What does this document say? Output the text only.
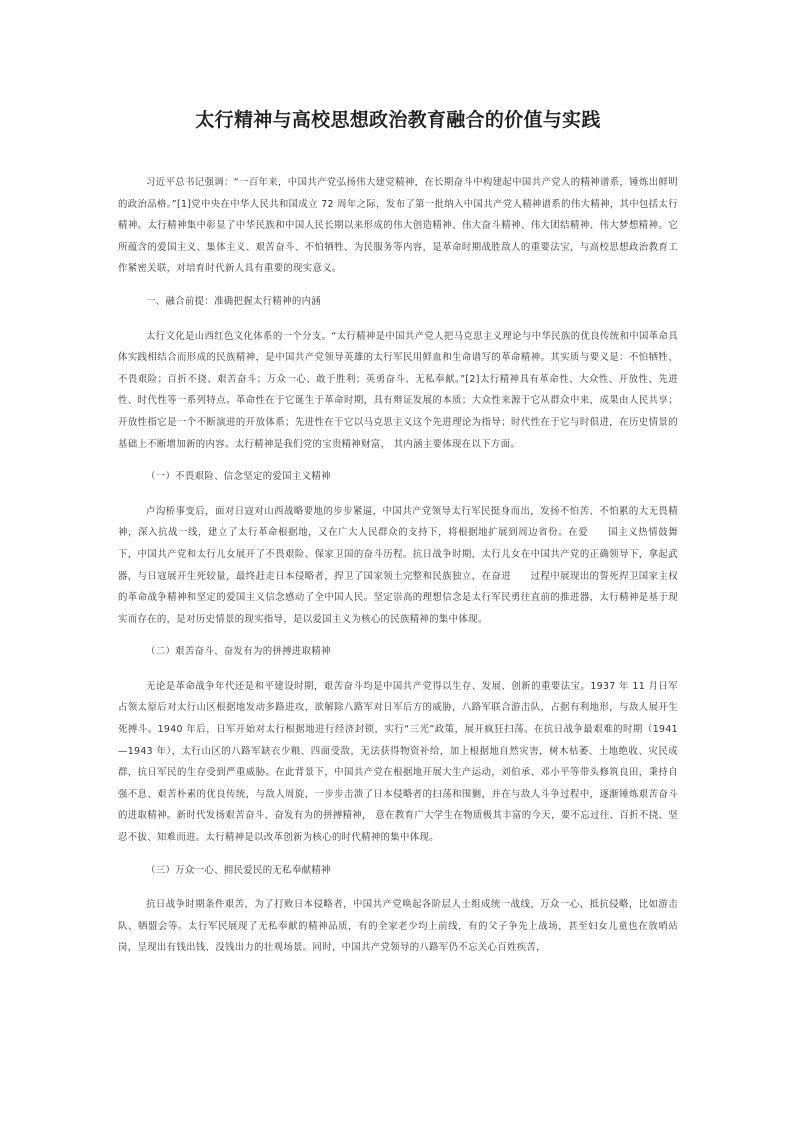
太行精神与高校思想政治教育融合的价值与实践

习近平总书记强调：“一百年来，中国共产党弘扬伟大建党精神，在长期奋斗中构建起中国共产党人的精神谱系，锤炼出鲜明的政治品格。”[1]党中央在中华人民共和国成立 72 周年之际，发布了第一批纳入中国共产党人精神谱系的伟大精神，其中包括太行精神。太行精神集中彰显了中华民族和中国人民长期以来形成的伟大创造精神、伟大奋斗精神、伟大团结精神、伟大梦想精神。它所蕴含的爱国主义、集体主义、艰苦奋斗、不怕牺牲、为民服务等内容，是革命时期战胜敌人的重要法宝，与高校思想政治教育工作紧密关联，对培育时代新人具有重要的现实意义。

一、融合前提：准确把握太行精神的内涵

太行文化是山西红色文化体系的一个分支。“太行精神是中国共产党人把马克思主义理论与中华民族的优良传统和中国革命具体实践相结合而形成的民族精神，是中国共产党领导英雄的太行军民用鲜血和生命谱写的革命精神。其实质与要义是：不怕牺牲、不畏艰险；百折不挠、艰苦奋斗；万众一心、敢于胜利；英勇奋斗、无私奉献。”[2]太行精神具有革命性、大众性、开放性、先进性、时代性等一系列特点。革命性在于它诞生于革命时期，具有辩证发展的本质；大众性来源于它从群众中来，成果由人民共享；开放性指它是一个不断演进的开放体系；先进性在于它以马克思主义这个先进理论为指导；时代性在于它与时俱进，在历史情景的基础上不断增加新的内容。太行精神是我们党的宝贵精神财富， 其内涵主要体现在以下方面。

（一）不畏艰险、信念坚定的爱国主义精神

卢沟桥事变后，面对日寇对山西战略要地的步步紧逼，中国共产党领导太行军民挺身而出，发扬不怕苦、不怕累的大无畏精神，深入抗战一线，建立了太行革命根据地，又在广大人民群众的支持下，将根据地扩展到周边省份。在爱　　国主义热情鼓舞下，中国共产党和太行儿女展开了不畏艰险、保家卫国的奋斗历程。抗日战争时期，太行儿女在中国共产党的正确领导下，拿起武器，与日寇展开生死较量，最终赶走日本侵略者，捍卫了国家领土完整和民族独立，在奋进　　过程中展现出的誓死捍卫国家主权的革命战争精神和坚定的爱国主义信念感动了全中国人民。坚定崇高的理想信念是太行军民勇往直前的推进器，太行精神是基于现实而存在的，是对历史情景的现实指导，是以爱国主义为核心的民族精神的集中体现。

（二）艰苦奋斗、奋发有为的拼搏进取精神

无论是革命战争年代还是和平建设时期，艰苦奋斗均是中国共产党得以生存、发展、创新的重要法宝。1937 年 11 月日军占领太原后对太行山区根据地发动多路进攻，欲解除八路军对日军后方的威胁，八路军联合游击队，占据有利地形，与敌人展开生死搏斗。1940 年后，日军开始对太行根据地进行经济封锁，实行“三光”政策，展开疯狂扫荡。在抗日战争最艰难的时期（1941—1943 年），太行山区的八路军缺衣少粮、四面受敌，无法获得物资补给，加上根据地自然灾害，树木枯萎、土地绝收、灾民成群，抗日军民的生存受到严重威胁。在此背景下，中国共产党在根据地开展大生产运动，刘伯承、邓小平等带头修筑良田，秉持自强不息、艰苦朴素的优良传统，与敌人周旋，一步步击溃了日本侵略者的扫荡和围剿，并在与敌人斗争过程中，逐渐锤炼艰苦奋斗的进取精神。新时代发扬艰苦奋斗、奋发有为的拼搏精神， 意在教育广大学生在物质极其丰富的今天，要不忘过往、百折不挠、坚忍不拔、知难而进。太行精神是以改革创新为核心的时代精神的集中体现。

（三）万众一心、拥民爱民的无私奉献精神

抗日战争时期条件艰苦，为了打败日本侵略者，中国共产党唤起各阶层人士组成统一战线，万众一心、抵抗侵略，比如游击队、牺盟会等。太行军民展现了无私奉献的精神品质，有的全家老少均上前线，有的父子争先上战场，甚至妇女儿童也在放哨站岗，呈现出有钱出钱、没钱出力的壮观场景。同时，中国共产党领导的八路军仍不忘关心百姓疾苦，
